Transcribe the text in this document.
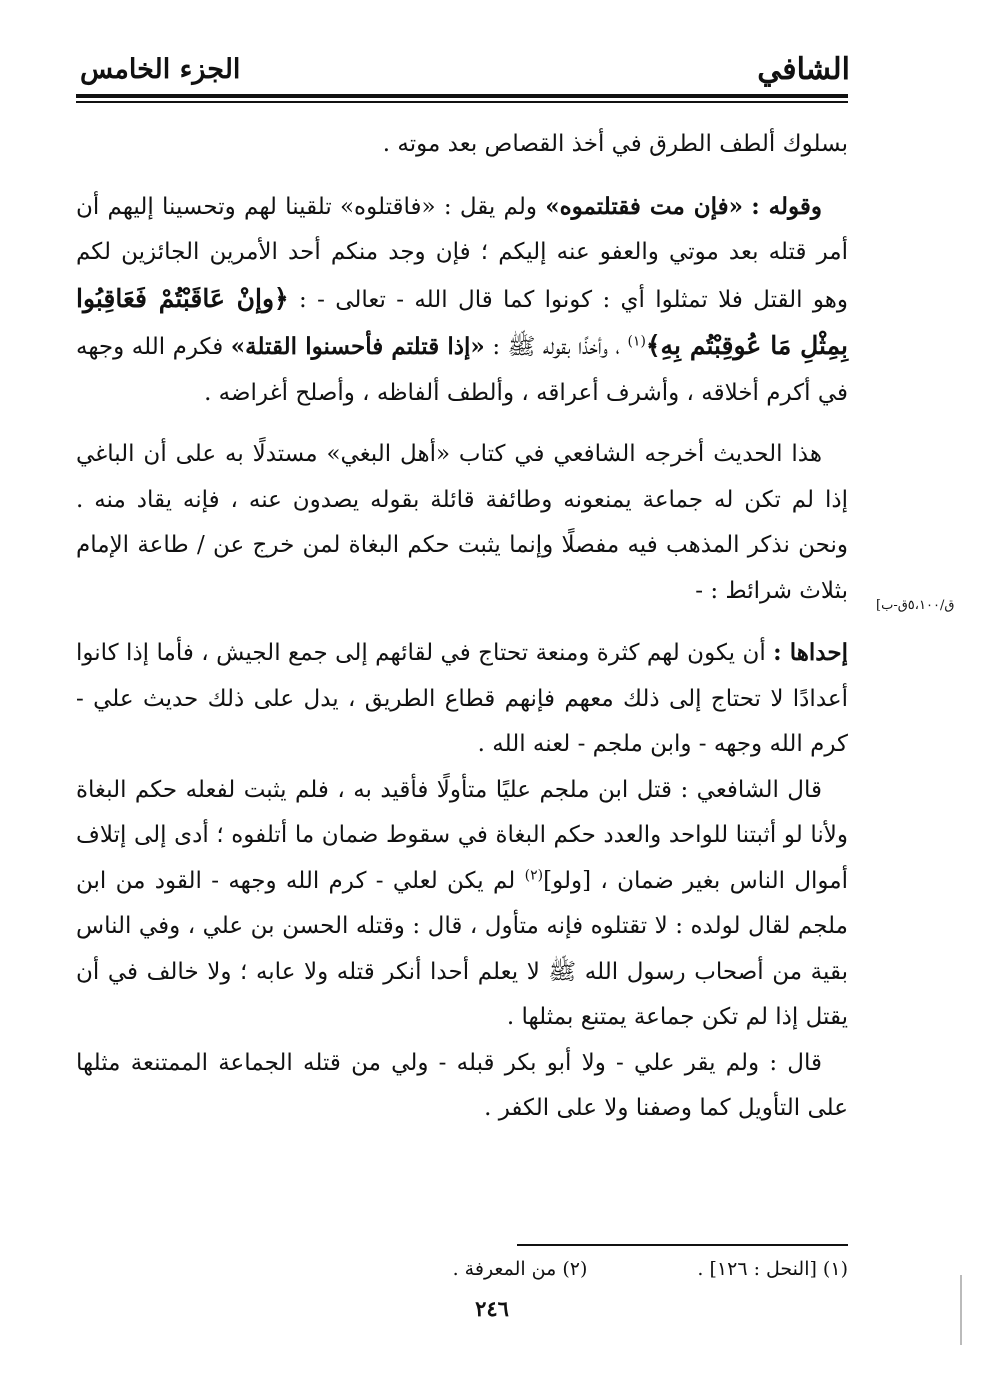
الشافي
الجزء الخامس

بسلوك ألطف الطرق في أخذ القصاص بعد موته .

وقوله : «فإن مت فقتلتموه» ولم يقل : «فاقتلوه» تلقينا لهم وتحسينا إليهم أن أمر قتله بعد موتي والعفو عنه إليكم ؛ فإن وجد منكم أحد الأمرين الجائزين لكم وهو القتل فلا تمثلوا أي : كونوا كما قال الله - تعالى - : ﴿وإنْ عَاقَبْتُمْ فَعَاقِبُوا بِمِثْلِ مَا عُوقِبْتُم بِهِ﴾$^{(١)}$ ، وأخذًا بقوله ﷺ : «إذا قتلتم فأحسنوا القتلة» فكرم الله وجهه في أكرم أخلاقه ، وأشرف أعراقه ، وألطف ألفاظه ، وأصلح أغراضه .

هذا الحديث أخرجه الشافعي في كتاب «أهل البغي» مستدلًا به على أن الباغي إذا لم تكن له جماعة يمنعونه وطائفة قائلة بقوله يصدون عنه ، فإنه يقاد منه . ونحن نذكر المذهب فيه مفصلًا وإنما يثبت حكم البغاة لمن خرج عن / طاعة الإمام بثلاث شرائط : -

إحداها : أن يكون لهم كثرة ومنعة تحتاج في لقائهم إلى جمع الجيش ، فأما إذا كانوا أعدادًا لا تحتاج إلى ذلك معهم فإنهم قطاع الطريق ، يدل على ذلك حديث علي - كرم الله وجهه - وابن ملجم - لعنه الله .

قال الشافعي : قتل ابن ملجم عليًا متأولًا فأقيد به ، فلم يثبت لفعله حكم البغاة ولأنا لو أثبتنا للواحد والعدد حكم البغاة في سقوط ضمان ما أتلفوه ؛ أدى إلى إتلاف أموال الناس بغير ضمان ، [ولو]$^{(٢)}$ لم يكن لعلي - كرم الله وجهه - القود من ابن ملجم لقال لولده : لا تقتلوه فإنه متأول ، قال : وقتله الحسن بن علي ، وفي الناس بقية من أصحاب رسول الله ﷺ لا يعلم أحدا أنكر قتله ولا عابه ؛ ولا خالف في أن يقتل إذا لم تكن جماعة يمتنع بمثلها .

قال : ولم يقر علي - ولا أبو بكر قبله - ولي من قتله الجماعة الممتنعة مثلها على التأويل كما وصفنا ولا على الكفر .

[ق/٥،١٠٠ق-ب
(١) [النحل : ١٢٦] .
(٢) من المعرفة .
٢٤٦
